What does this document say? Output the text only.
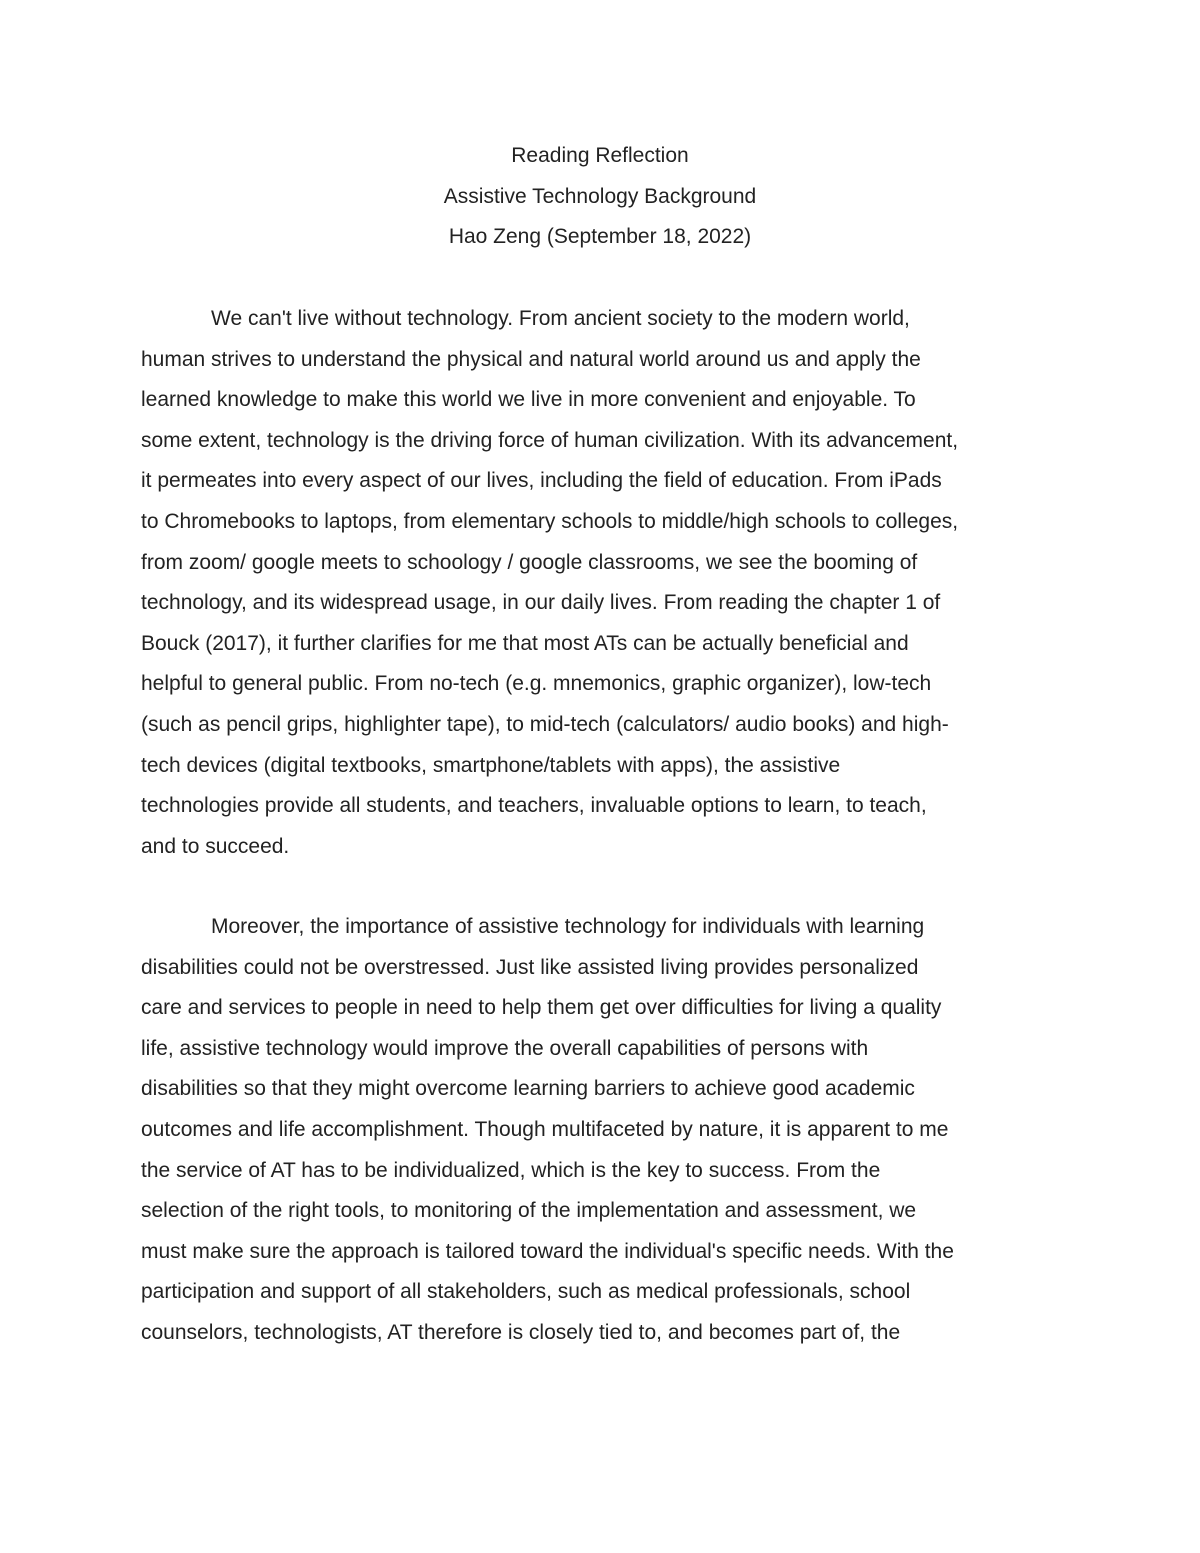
Reading Reflection
Assistive Technology Background
Hao Zeng (September 18, 2022)
We can't live without technology. From ancient society to the modern world,
human strives to understand the physical and natural world around us and apply the
learned knowledge to make this world we live in more convenient and enjoyable. To
some extent, technology is the driving force of human civilization. With its advancement,
it permeates into every aspect of our lives, including the field of education. From iPads
to Chromebooks to laptops, from elementary schools to middle/high schools to colleges,
from zoom/ google meets to schoology / google classrooms, we see the booming of
technology, and its widespread usage, in our daily lives. From reading the chapter 1 of
Bouck (2017), it further clarifies for me that most ATs can be actually beneficial and
helpful to general public. From no-tech (e.g. mnemonics, graphic organizer), low-tech
(such as pencil grips, highlighter tape), to mid-tech (calculators/ audio books) and high-
tech devices (digital textbooks, smartphone/tablets with apps), the assistive
technologies provide all students, and teachers, invaluable options to learn, to teach,
and to succeed.
Moreover, the importance of assistive technology for individuals with learning
disabilities could not be overstressed. Just like assisted living provides personalized
care and services to people in need to help them get over difficulties for living a quality
life, assistive technology would improve the overall capabilities of persons with
disabilities so that they might overcome learning barriers to achieve good academic
outcomes and life accomplishment. Though multifaceted by nature, it is apparent to me
the service of AT has to be individualized, which is the key to success. From the
selection of the right tools, to monitoring of the implementation and assessment, we
must make sure the approach is tailored toward the individual's specific needs. With the
participation and support of all stakeholders, such as medical professionals, school
counselors, technologists, AT therefore is closely tied to, and becomes part of, the
